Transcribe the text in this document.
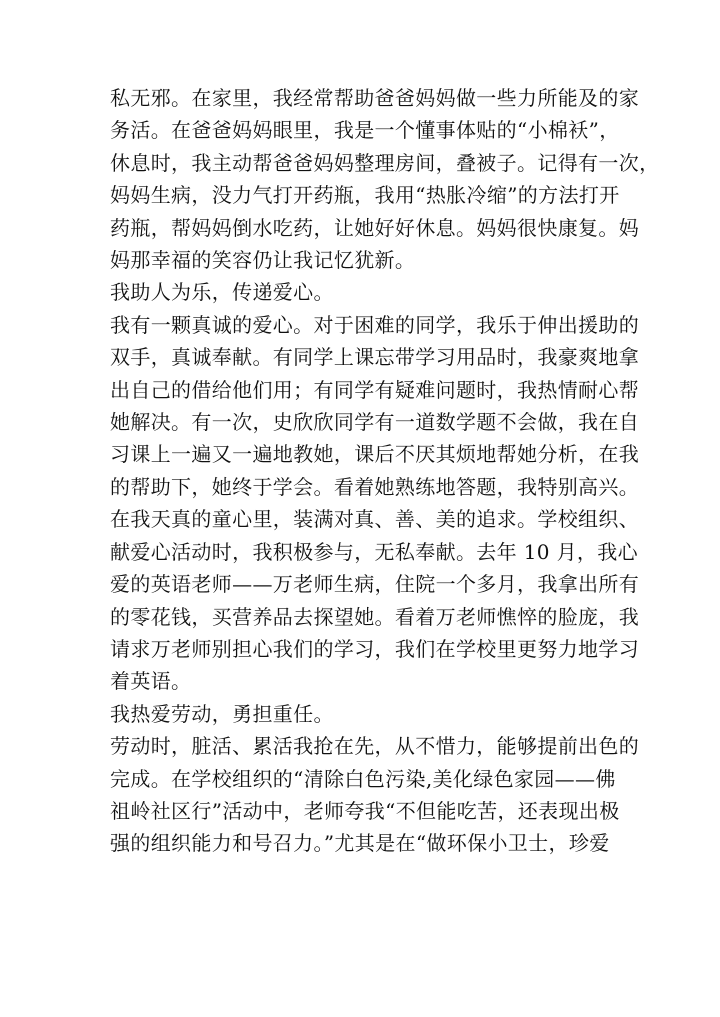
私无邪。在家里，我经常帮助爸爸妈妈做一些力所能及的家
务活。在爸爸妈妈眼里，我是一个懂事体贴的“小棉袄”，
休息时，我主动帮爸爸妈妈整理房间，叠被子。记得有一次，
妈妈生病，没力气打开药瓶，我用“热胀冷缩”的方法打开
药瓶，帮妈妈倒水吃药，让她好好休息。妈妈很快康复。妈
妈那幸福的笑容仍让我记忆犹新。
我助人为乐，传递爱心。
我有一颗真诚的爱心。对于困难的同学，我乐于伸出援助的
双手，真诚奉献。有同学上课忘带学习用品时，我豪爽地拿
出自己的借给他们用；有同学有疑难问题时，我热情耐心帮
她解决。有一次，史欣欣同学有一道数学题不会做，我在自
习课上一遍又一遍地教她，课后不厌其烦地帮她分析，在我
的帮助下，她终于学会。看着她熟练地答题，我特别高兴。
在我天真的童心里，装满对真、善、美的追求。学校组织、
献爱心活动时，我积极参与，无私奉献。去年 10 月，我心
爱的英语老师——万老师生病，住院一个多月，我拿出所有
的零花钱，买营养品去探望她。看着万老师憔悴的脸庞，我
请求万老师别担心我们的学习，我们在学校里更努力地学习
着英语。
我热爱劳动，勇担重任。
劳动时，脏活、累活我抢在先，从不惜力，能够提前出色的
完成。在学校组织的“清除白色污染,美化绿色家园——佛
祖岭社区行”活动中，老师夸我“不但能吃苦，还表现出极
强的组织能力和号召力。”尤其是在“做环保小卫士，珍爱
